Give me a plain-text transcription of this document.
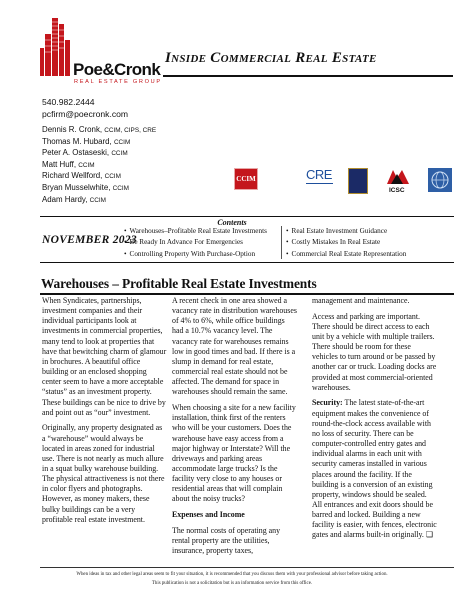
Poe&Cronk
REAL ESTATE GROUP
Inside Commercial Real Estate
540.982.2444
pcfirm@poecronk.com
Dennis R. Cronk, CCIM, CIPS, CRE
Thomas M. Hubard, CCIM
Peter A. Ostaseski, CCIM
Matt Huff, CCIM
Richard Wellford, CCIM
Bryan Musselwhite, CCIM
Adam Hardy, CCIM
CCIM	CRE
ICSC
Contents
NOVEMBER 2023
• Warehouses–Profitable Real Estate Investments
• Be Ready In Advance For Emergencies
• Controlling Property With Purchase-Option
• Real Estate Investment Guidance
• Costly Mistakes In Real Estate
• Commercial Real Estate Representation
Warehouses – Profitable Real Estate Investments

When Syndicates, partnerships, investment companies and their individual participants look at investments in commercial properties, many tend to look at properties that have that bewitching charm of glamour in brochures. A beautiful office building or an enclosed shopping center seem to have a more acceptable “status” as an investment property. These buildings can be nice to drive by and point out as “our” investment.

Originally, any property designated as a “warehouse” would always be located in areas zoned for industrial use. There is not nearly as much allure in a squat bulky warehouse building. The physical attractiveness is not there in color flyers and photographs. However, as money makers, these bulky buildings can be a very profitable real estate investment.

A recent check in one area showed a vacancy rate in distribution warehouses of 4% to 6%, while office buildings had a 10.7% vacancy level. The vacancy rate for warehouses remains low in good times and bad. If there is a slump in demand for real estate, commercial real estate should not be affected. The demand for space in warehouses should remain the same.

When choosing a site for a new facility installation, think first of the renters who will be your customers. Does the warehouse have easy access from a major highway or Interstate? Will the driveways and parking areas accommodate large trucks? Is the facility very close to any houses or residential areas that will complain about the noisy trucks?

Expenses and Income

The normal costs of operating any rental property are the utilities, insurance, property taxes,

management and maintenance.

Access and parking are important. There should be direct access to each unit by a vehicle with multiple trailers. There should be room for these vehicles to turn around or be passed by another car or truck. Loading docks are provided at most commercial-oriented warehouses.

Security: The latest state-of-the-art equipment makes the convenience of round-the-clock access available with no loss of security. There can be computer-controlled entry gates and individual alarms in each unit with security cameras installed in various places around the facility. If the building is a conversion of an existing property, windows should be sealed. All entrances and exit doors should be barred and locked. Building a new facility is easier, with fences, electronic gates and alarms built-in originally. ❏

When ideas in tax and other legal areas seem to fit your situation, it is recommended that you discuss them with your professional advisor before taking action.
This publication is not a solicitation but is an information service from this office.
